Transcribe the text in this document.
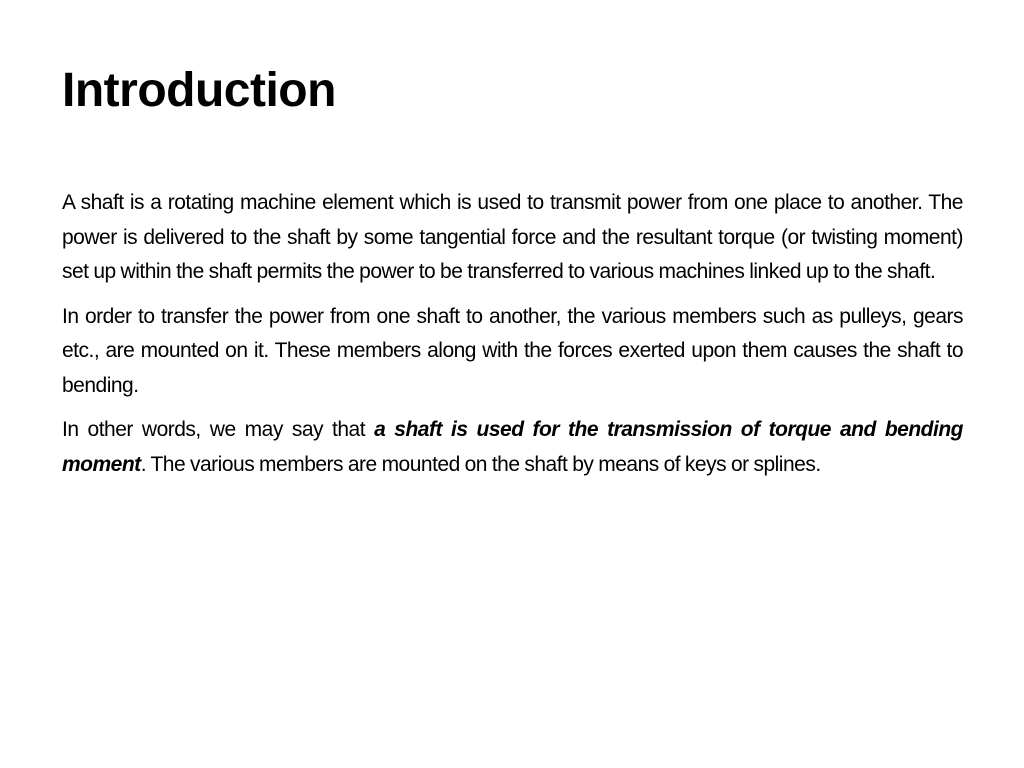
Introduction

A shaft is a rotating machine element which is used to transmit power from one place to another. The power is delivered to the shaft by some tangential force and the resultant torque (or twisting moment) set up within the shaft permits the power to be transferred to various machines linked up to the shaft.

In order to transfer the power from one shaft to another, the various members such as pulleys, gears etc., are mounted on it. These members along with the forces exerted upon them causes the shaft to bending.

In other words, we may say that a shaft is used for the transmission of torque and bending moment. The various members are mounted on the shaft by means of keys or splines.
